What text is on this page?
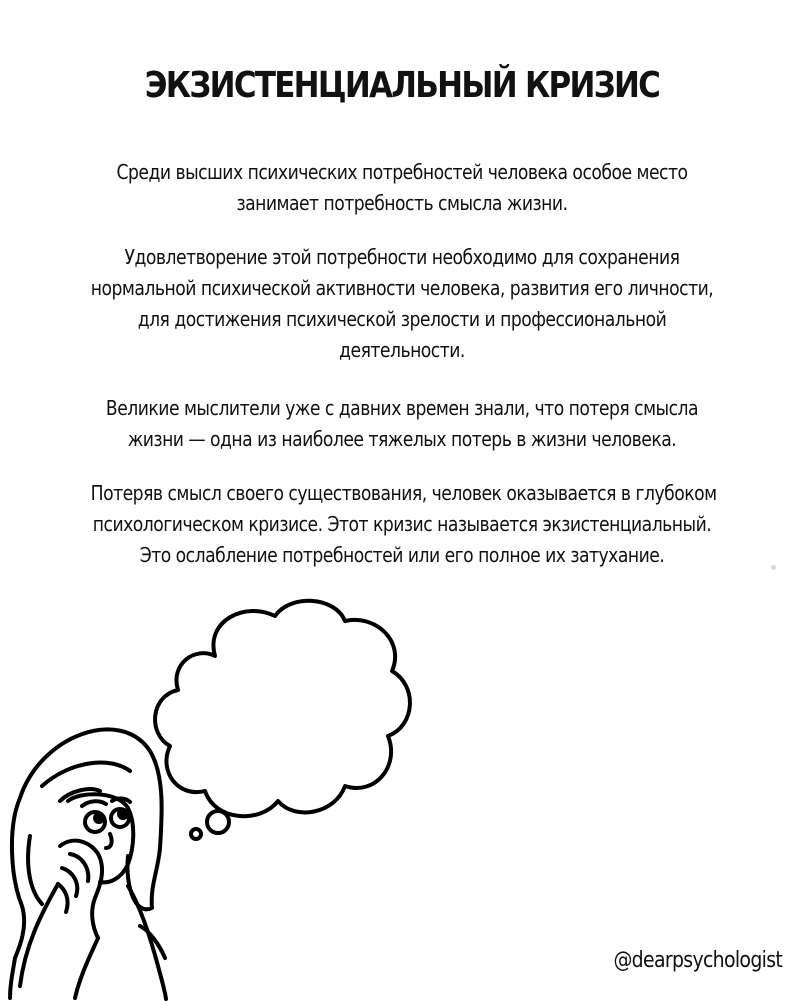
ЭКЗИСТЕНЦИАЛЬНЫЙ КРИЗИС
Среди высших психических потребностей человека особое место
занимает потребность смысла жизни.
Удовлетворение этой потребности необходимо для сохранения
нормальной психической активности человека, развития его личности,
для достижения психической зрелости и профессиональной
деятельности.
Великие мыслители уже с давних времен знали, что потеря смысла
жизни — одна из наиболее тяжелых потерь в жизни человека.
Потеряв смысл своего существования, человек оказывается в глубоком
психологическом кризисе. Этот кризис называется экзистенциальный.
Это ослабление потребностей или его полное их затухание.
@dearpsychologist
